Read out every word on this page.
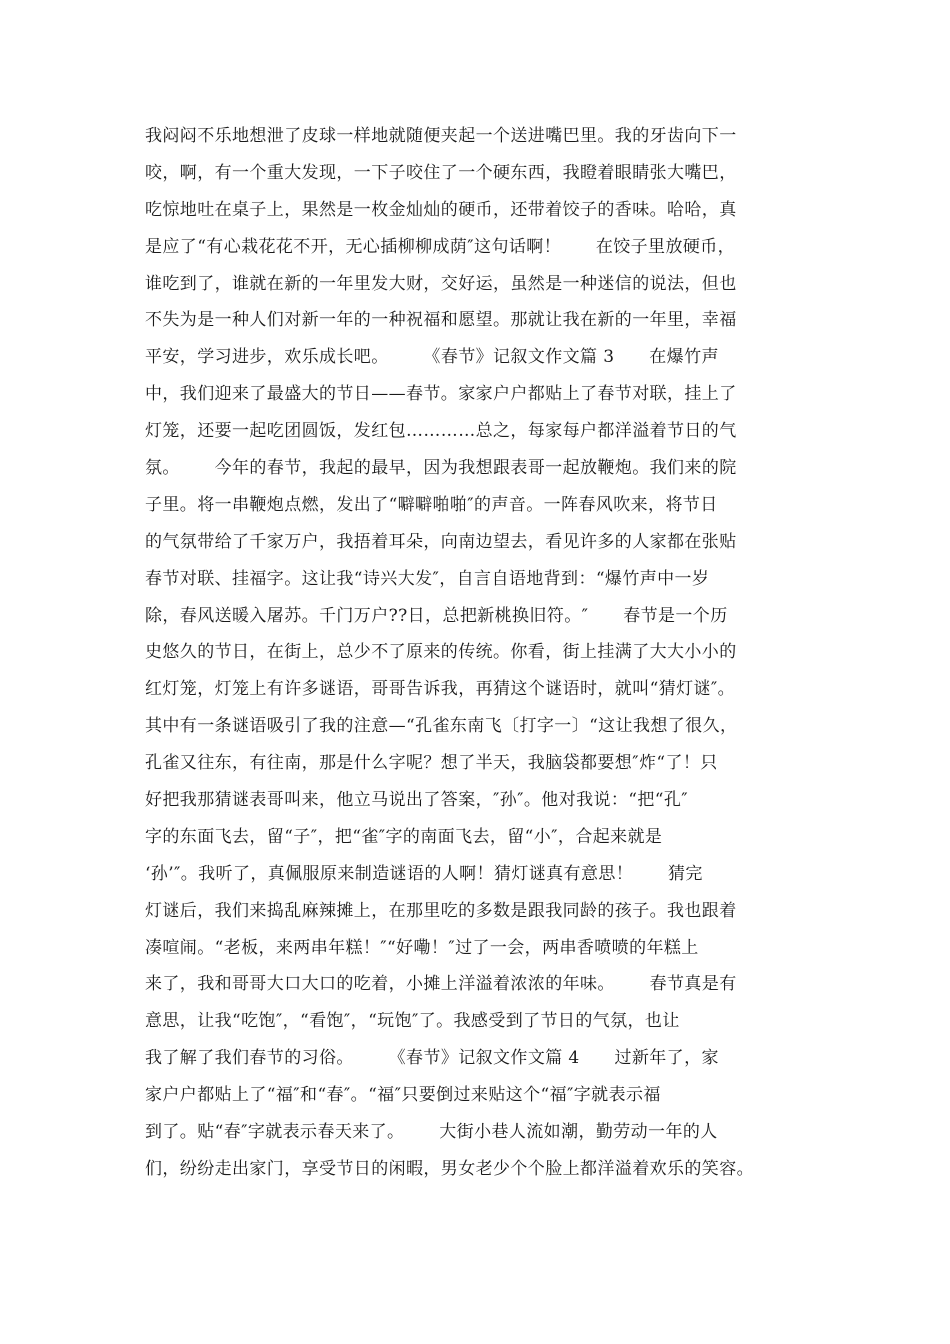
我闷闷不乐地想泄了皮球一样地就随便夹起一个送进嘴巴里。我的牙齿向下一
咬，啊，有一个重大发现，一下子咬住了一个硬东西，我瞪着眼睛张大嘴巴，
吃惊地吐在桌子上，果然是一枚金灿灿的硬币，还带着饺子的香味。哈哈，真
是应了“有心栽花花不开，无心插柳柳成荫″这句话啊！      在饺子里放硬币，
谁吃到了，谁就在新的一年里发大财，交好运，虽然是一种迷信的说法，但也
不失为是一种人们对新一年的一种祝福和愿望。那就让我在新的一年里，幸福
平安，学习进步，欢乐成长吧。      《春节》记叙文作文篇 3      在爆竹声
中，我们迎来了最盛大的节日——春节。家家户户都贴上了春节对联，挂上了
灯笼，还要一起吃团圆饭，发红包…………总之，每家每户都洋溢着节日的气
氛。      今年的春节，我起的最早，因为我想跟表哥一起放鞭炮。我们来的院
子里。将一串鞭炮点燃，发出了“噼噼啪啪″的声音。一阵春风吹来，将节日
的气氛带给了千家万户，我捂着耳朵，向南边望去，看见许多的人家都在张贴
春节对联、挂福字。这让我“诗兴大发″，自言自语地背到：“爆竹声中一岁
除，春风送暖入屠苏。千门万户??日，总把新桃换旧符。″      春节是一个历
史悠久的节日，在街上，总少不了原来的传统。你看，街上挂满了大大小小的
红灯笼，灯笼上有许多谜语，哥哥告诉我，再猜这个谜语时，就叫“猜灯谜″。
其中有一条谜语吸引了我的注意—“孔雀东南飞〔打字一〕“这让我想了很久，
孔雀又往东，有往南，那是什么字呢？想了半天，我脑袋都要想″炸“了！只
好把我那猜谜表哥叫来，他立马说出了答案，″孙″。他对我说：“把“孔″
字的东面飞去，留“子″，把“雀″字的南面飞去，留“小″，合起来就是
‘孙’″。我听了，真佩服原来制造谜语的人啊！猜灯谜真有意思！      猜完
灯谜后，我们来捣乱麻辣摊上，在那里吃的多数是跟我同龄的孩子。我也跟着
凑喧闹。“老板，来两串年糕！″“好嘞！″过了一会，两串香喷喷的年糕上
来了，我和哥哥大口大口的吃着，小摊上洋溢着浓浓的年味。      春节真是有
意思，让我“吃饱″，“看饱″，“玩饱″了。我感受到了节日的气氛，也让
我了解了我们春节的习俗。      《春节》记叙文作文篇 4      过新年了，家
家户户都贴上了“福″和“春″。“福″只要倒过来贴这个“福″字就表示福
到了。贴“春″字就表示春天来了。      大街小巷人流如潮，勤劳动一年的人
们，纷纷走出家门，享受节日的闲暇，男女老少个个脸上都洋溢着欢乐的笑容。
